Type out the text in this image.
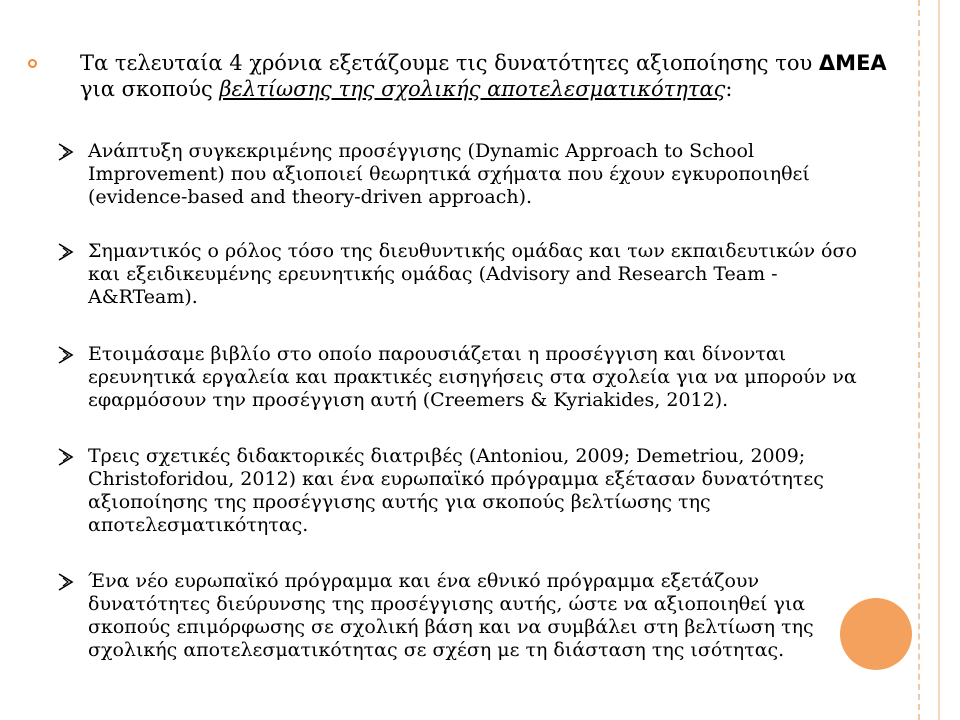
Τα τελευταία 4 χρόνια εξετάζουμε τις δυνατότητες αξιοποίησης του ΔΜΕΑ
για σκοπούς βελτίωσης της σχολικής αποτελεσματικότητας:
Ανάπτυξη συγκεκριμένης προσέγγισης (Dynamic Approach to School Improvement) που αξιοποιεί θεωρητικά σχήματα που έχουν εγκυροποιηθεί (evidence-based and theory-driven approach).
Σημαντικός ο ρόλος τόσο της διευθυντικής ομάδας και των εκπαιδευτικών όσο και εξειδικευμένης ερευνητικής ομάδας (Advisory and Research Team - A&RTeam).
Ετοιμάσαμε βιβλίο στο οποίο παρουσιάζεται η προσέγγιση και δίνονται ερευνητικά εργαλεία και πρακτικές εισηγήσεις στα σχολεία για να μπορούν να εφαρμόσουν την προσέγγιση αυτή (Creemers & Kyriakides, 2012).
Τρεις σχετικές διδακτορικές διατριβές (Antoniou, 2009; Demetriou, 2009; Christoforidou, 2012) και ένα ευρωπαϊκό πρόγραμμα εξέτασαν δυνατότητες αξιοποίησης της προσέγγισης αυτής για σκοπούς βελτίωσης της αποτελεσματικότητας.
Ένα νέο ευρωπαϊκό πρόγραμμα και ένα εθνικό πρόγραμμα εξετάζουν δυνατότητες διεύρυνσης της προσέγγισης αυτής, ώστε να αξιοποιηθεί για σκοπούς επιμόρφωσης σε σχολική βάση και να συμβάλει στη βελτίωση της σχολικής αποτελεσματικότητας σε σχέση με τη διάσταση της ισότητας.
